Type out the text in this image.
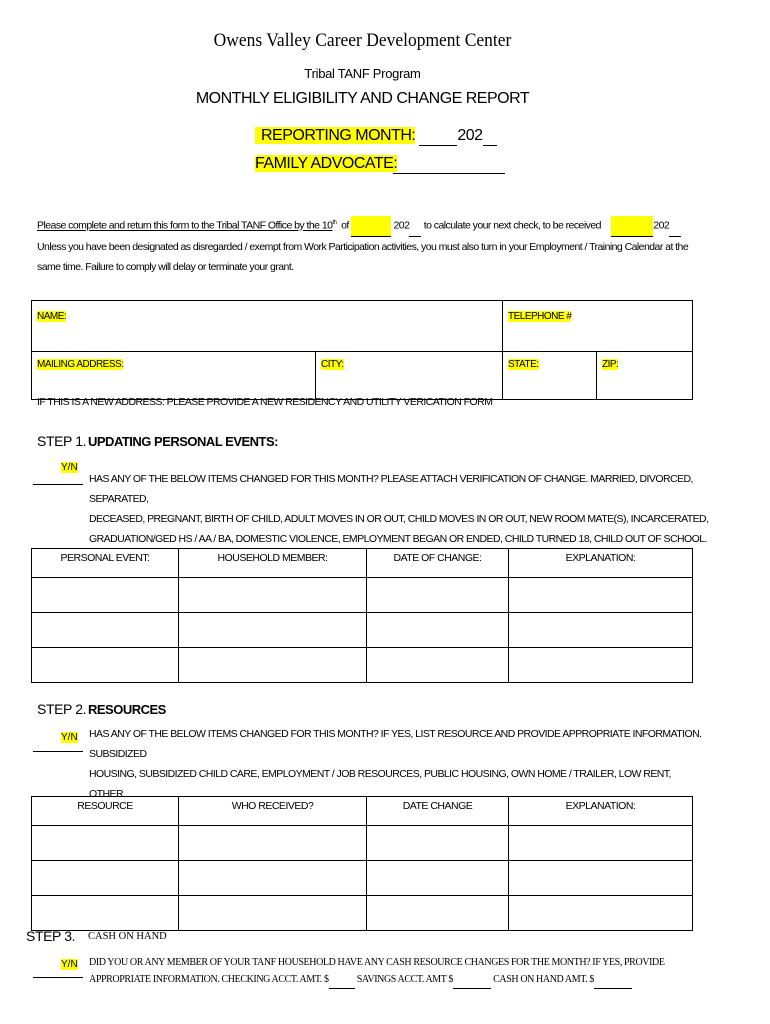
Owens Valley Career Development Center
Tribal TANF Program
MONTHLY ELIGIBILITY AND CHANGE REPORT
REPORTING MONTH:	202
FAMILY ADVOCATE:
Please complete and return this form to the Tribal TANF Office by the 10th of	202 to calculate your next check, to be received	202
Unless you have been designated as disregarded / exempt from Work Participation activities, you must also turn in your Employment / Training Calendar at the
same time. Failure to comply will delay or terminate your grant.
NAME:		TELEPHONE #	
MAILING ADDRESS:	CITY:	STATE:	ZIP:
IF THIS IS A NEW ADDRESS: PLEASE PROVIDE A NEW RESIDENCY AND UTILITY VERICATION FORM
STEP 1. UPDATING PERSONAL EVENTS:
Y/N
HAS ANY OF THE BELOW ITEMS CHANGED FOR THIS MONTH? PLEASE ATTACH VERIFICATION OF CHANGE. MARRIED, DIVORCED, SEPARATED,
DECEASED, PREGNANT, BIRTH OF CHILD, ADULT MOVES IN OR OUT, CHILD MOVES IN OR OUT, NEW ROOM MATE(S), INCARCERATED,
GRADUATION/GED HS / AA / BA, DOMESTIC VIOLENCE, EMPLOYMENT BEGAN OR ENDED, CHILD TURNED 18, CHILD OUT OF SCHOOL.
PERSONAL EVENT:	HOUSEHOLD MEMBER:	DATE OF CHANGE:	EXPLANATION:

STEP 2. RESOURCES
Y/N HAS ANY OF THE BELOW ITEMS CHANGED FOR THIS MONTH? IF YES, LIST RESOURCE AND PROVIDE APPROPRIATE INFORMATION. SUBSIDIZED
HOUSING, SUBSIDIZED CHILD CARE, EMPLOYMENT / JOB RESOURCES, PUBLIC HOUSING, OWN HOME / TRAILER, LOW RENT, OTHER.
RESOURCE	WHO RECEIVED?	DATE CHANGE	EXPLANATION:

STEP 3. CASH ON HAND
Y/N DID YOU OR ANY MEMBER OF YOUR TANF HOUSEHOLD HAVE ANY CASH RESOURCE CHANGES FOR THE MONTH? IF YES, PROVIDE
APPROPRIATE INFORMATION. CHECKING ACCT. AMT. $	SAVINGS ACCT. AMT $	CASH ON HAND AMT. $
